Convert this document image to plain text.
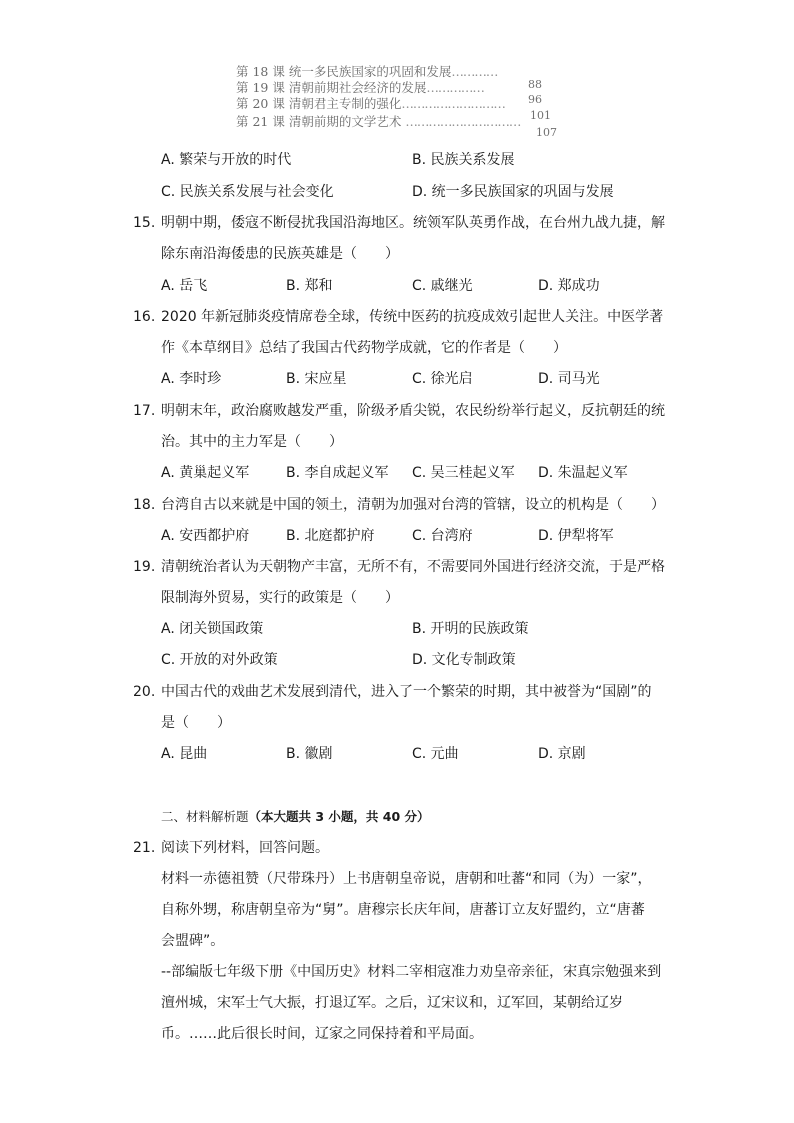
第 18 课 统一多民族国家的巩固和发展…………
88
第 19 课 清朝前期社会经济的发展……………
96
第 20 课 清朝君主专制的强化………………………
101
第 21 课 清朝前期的文学艺术 …………………………
107
A. 繁荣与开放的时代	B. 民族关系发展
C. 民族关系发展与社会变化	D. 统一多民族国家的巩固与发展
15. 明朝中期，倭寇不断侵扰我国沿海地区。统领军队英勇作战，在台州九战九捷，解
除东南沿海倭患的民族英雄是（　　）
A. 岳飞	B. 郑和	C. 戚继光	D. 郑成功
16. 2020 年新冠肺炎疫情席卷全球，传统中医药的抗疫成效引起世人关注。中医学著
作《本草纲目》总结了我国古代药物学成就，它的作者是（　　）
A. 李时珍	B. 宋应星	C. 徐光启	D. 司马光
17. 明朝末年，政治腐败越发严重，阶级矛盾尖锐，农民纷纷举行起义，反抗朝廷的统
治。其中的主力军是（　　）
A. 黄巢起义军	B. 李自成起义军 C. 吴三桂起义军 D. 朱温起义军
18. 台湾自古以来就是中国的领土，清朝为加强对台湾的管辖，设立的机构是（　　）
A. 安西都护府	B. 北庭都护府	C. 台湾府	D. 伊犁将军
19. 清朝统治者认为天朝物产丰富，无所不有，不需要同外国进行经济交流，于是严格
限制海外贸易，实行的政策是（　　）
A. 闭关锁国政策	B. 开明的民族政策
C. 开放的对外政策	D. 文化专制政策
20. 中国古代的戏曲艺术发展到清代，进入了一个繁荣的时期，其中被誉为“国剧”的
是（　　）
A. 昆曲	B. 徽剧	C. 元曲	D. 京剧
二、材料解析题（本大题共 3 小题，共 40 分）
21. 阅读下列材料，回答问题。
材料一赤德祖赞（尺带珠丹）上书唐朝皇帝说，唐朝和吐蕃“和同（为）一家”，
自称外甥，称唐朝皇帝为“舅”。唐穆宗长庆年间，唐蕃订立友好盟约，立“唐蕃
会盟碑”。
--部编版七年级下册《中国历史》材料二宰相寇准力劝皇帝亲征，宋真宗勉强来到
澶州城，宋军士气大振，打退辽军。之后，辽宋议和，辽军回，某朝给辽岁
币。……此后很长时间，辽家之同保持着和平局面。
